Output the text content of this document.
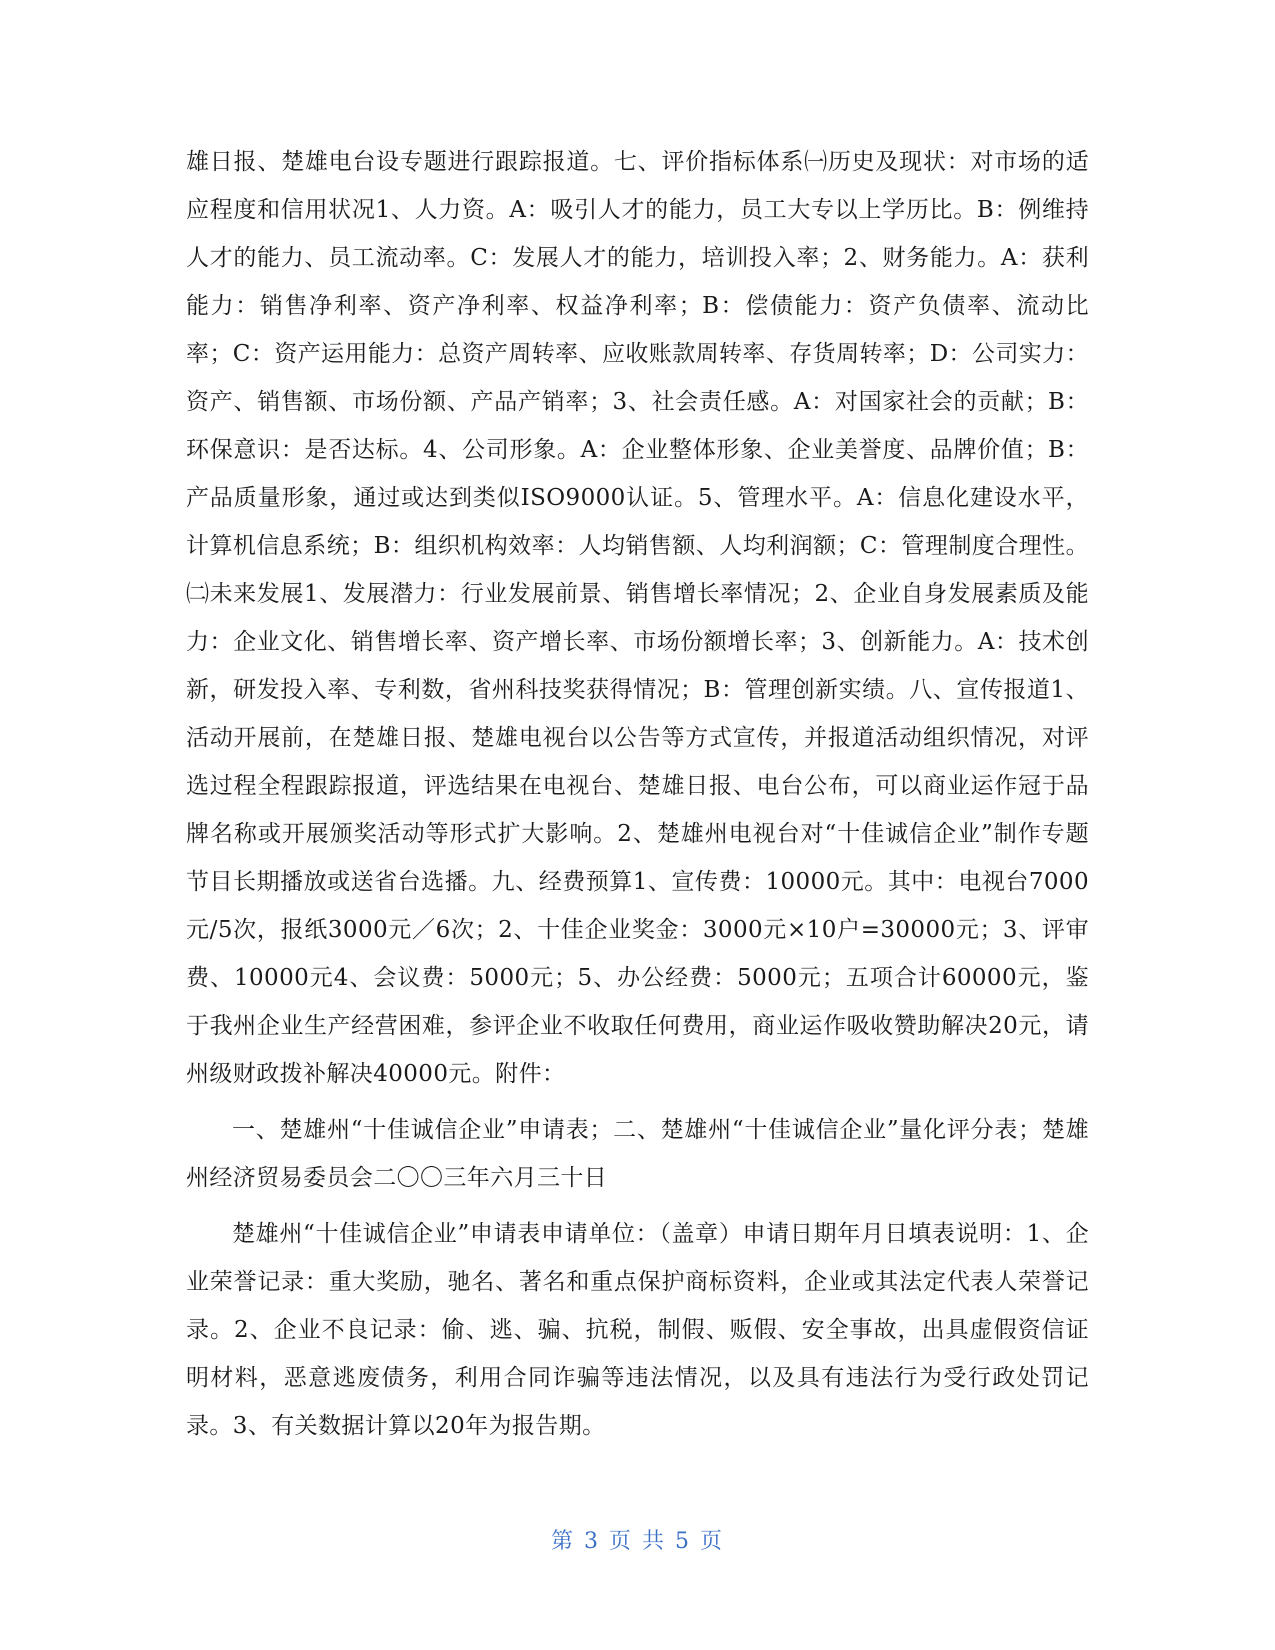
雄日报、楚雄电台设专题进行跟踪报道。七、评价指标体系㈠历史及现状：对市场的适应程度和信用状况1、人力资。A：吸引人才的能力，员工大专以上学历比。B：例维持人才的能力、员工流动率。C：发展人才的能力，培训投入率；2、财务能力。A：获利能力：销售净利率、资产净利率、权益净利率；B：偿债能力：资产负债率、流动比率；C：资产运用能力：总资产周转率、应收账款周转率、存货周转率；D：公司实力：资产、销售额、市场份额、产品产销率；3、社会责任感。A：对国家社会的贡献；B：环保意识：是否达标。4、公司形象。A：企业整体形象、企业美誉度、品牌价值；B：产品质量形象，通过或达到类似ISO9000认证。5、管理水平。A：信息化建设水平，计算机信息系统；B：组织机构效率：人均销售额、人均利润额；C：管理制度合理性。㈡未来发展1、发展潜力：行业发展前景、销售增长率情况；2、企业自身发展素质及能力：企业文化、销售增长率、资产增长率、市场份额增长率；3、创新能力。A：技术创新，研发投入率、专利数，省州科技奖获得情况；B：管理创新实绩。八、宣传报道1、活动开展前，在楚雄日报、楚雄电视台以公告等方式宣传，并报道活动组织情况，对评选过程全程跟踪报道，评选结果在电视台、楚雄日报、电台公布，可以商业运作冠于品牌名称或开展颁奖活动等形式扩大影响。2、楚雄州电视台对“十佳诚信企业”制作专题节目长期播放或送省台选播。九、经费预算1、宣传费：10000元。其中：电视台7000元/5次，报纸3000元／6次；2、十佳企业奖金：3000元×10户=30000元；3、评审费、10000元4、会议费：5000元；5、办公经费：5000元；五项合计60000元，鉴于我州企业生产经营困难，参评企业不收取任何费用，商业运作吸收赞助解决20元，请州级财政拨补解决40000元。附件：

一、楚雄州“十佳诚信企业”申请表；二、楚雄州“十佳诚信企业”量化评分表；楚雄州经济贸易委员会二〇〇三年六月三十日

楚雄州“十佳诚信企业”申请表申请单位：（盖章）申请日期年月日填表说明：1、企业荣誉记录：重大奖励，驰名、著名和重点保护商标资料，企业或其法定代表人荣誉记录。2、企业不良记录：偷、逃、骗、抗税，制假、贩假、安全事故，出具虚假资信证明材料，恶意逃废债务，利用合同诈骗等违法情况，以及具有违法行为受行政处罚记录。3、有关数据计算以20年为报告期。

第 3 页 共 5 页
